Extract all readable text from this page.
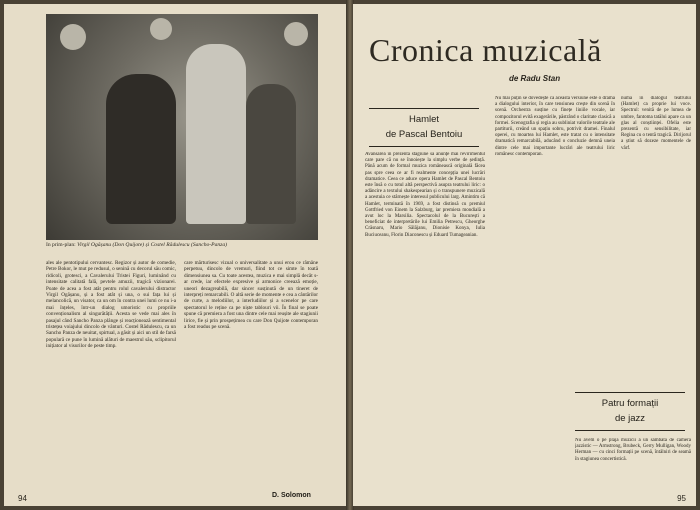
In prim-plan: Virgil Ogășanu (Don Quijote) și Costel Rădulescu (Sancho-Panza)

ales ale pentotipului cervantesc. Regizor și autor de comedie, Petre Bokor, le mut pe redusul, o senină cu decorul său comic, ridicoli, grotesci, a Cavalerului Tristei Figuri, luminând cu intensitate calitată fală, pevtele amuzii, tragică vizionarei. Poate de acea a fost atât pentru rolul cavalerului distractor Virgil Ogășanu, și a fost atât și una, o sui fața lui și melancolică, un visator, ca un om în contra unei lumi ce nu i-a mai înțeles, într-un dialog umoristic cu propriile convenționalism al singurătății. Acesta se vede mai ales în pasajul când Sancho Panza plânge și reacționează sentimental tristețea voiajului dincolo de vânturi. Costel Rădulescu, ca un Sancho Panza de neuitat, spirtual, a găsit și aici un stil de farsă populară ce pune în lumină alături de maestrul său, sclipitorul inițiator al visurilor de peste timp.

care mărturisesc vizual o universalitate a unui erou ce rămâne perpetuu, dincolo de vremuri, fiind tot ce simte în toată dimensiunea sa. Cu toate acestea, muzica e mai simplă decât s-ar crede, iar efectele expresive și armonice creează emoție, uneori dezagreabilă, dar sincer susținută de un tineret de interpreți remarcabili. O altă serie de momente e cea a cântărilor de curte, a melodiilor, a interludiilor și a scenelor pe care spectatorul le reține ca pe niște tablouri vii. În final se poate spune că premiera a fost una dintre cele mai reușite ale stagiunii lirice, fie și prin prospețimea cu care Don Quijote contemporan a fost readus pe scenă.

D. Solomon
94
Cronica muzicală
de Radu Stan
Hamlet
de Pascal Bentoiu

Avansarea în prezenta stagiune să anunțe mai revirimentul care pare că nu se înnoiește la simplu verbe de ședință. Până acum de formal muzica românească originală făcea pas spre ceea ce ar fi realmente concepția unei lucrări dramatice. Ceea ce aduce opera Hamlet de Pascal Bentoiu este însă o cu totul altă perspectivă asupra teatrului liric: o adâncire a textului shakespearian și o transpunere muzicală a acestuia ce stârnește interesul publicului larg. Amintim că Hamlet, terminată în 1969, a fost distinsă cu premiul Gottfried von Einem la Salzburg, iar premiera mondială a avut loc la Marsilia. Spectacolul de la București a beneficiat de interpretările lui Emilia Petrescu, Gheorghe Crăsnaru, Mario Sălăjanu, Dionisie Konya, Iulia Buciuceanu, Florin Diaconescu și Eduard Tumageanian.

Nu mai puțin se dovedește că această versiune este o dramă a dialogului interior, în care tensiunea crește din scenă în scenă. Orchestra susține cu finețe liniile vocale, iar compozitorul evită exagerările, păstrând o claritate clasică a formei. Scenografia și regia au subliniat valorile teatrale ale partiturii, creând un spațiu sobru, potrivit dramei. Finalul operei, cu moartea lui Hamlet, este tratat cu o intensitate dramatică remarcabilă, aducând o concluzie demnă uneia dintre cele mai importante lucrări ale teatrului liric românesc contemporan.

numa în dialogul teatrului (Hamlet) ca proprie lui voce. Spectrul: venită de pe lumea de umbre, fantoma tatălui apare ca un glas al conștiinței. Ofelia este prezentă cu sensibilitate, iar Regina cu o tentă tragică. Dirijorul a știut să dozeze momentele de vârf.

Patru formații
de jazz

Nu avem o pe plaja muzicii a un sâmbătă de cameră jazzistic — Armstrong, Brubeck, Gerry Mulligan, Woody Herman — cu cinci formații pe scenă, întâlniri de seamă în stagiunea concertistică.

95
